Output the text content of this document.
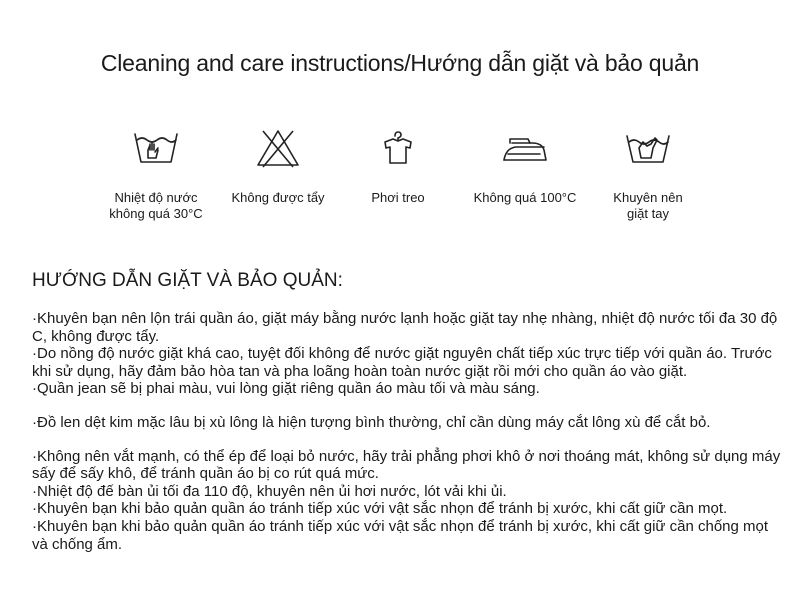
Cleaning and care instructions/Hướng dẫn giặt và bảo quản
Nhiệt độ nước
không quá 30°C
Không được tẩy	Phơi treo	Không quá 100°C	Khuyên nên
giặt tay
HƯỚNG DẪN GIẶT VÀ BẢO QUẢN:

·Khuyên bạn nên lộn trái quần áo, giặt máy bằng nước lạnh hoặc giặt tay nhẹ nhàng, nhiệt độ nước tối đa 30 độ C, không được tẩy.

·Do nồng độ nước giặt khá cao, tuyệt đối không để nước giặt nguyên chất tiếp xúc trực tiếp với quần áo. Trước khi sử dụng, hãy đảm bảo hòa tan và pha loãng hoàn toàn nước giặt rồi mới cho quần áo vào giặt.

·Quần jean sẽ bị phai màu, vui lòng giặt riêng quần áo màu tối và màu sáng.

·Đồ len dệt kim mặc lâu bị xù lông là hiện tượng bình thường, chỉ cần dùng máy cắt lông xù để cắt bỏ.

·Không nên vắt mạnh, có thể ép để loại bỏ nước, hãy trải phẳng phơi khô ở nơi thoáng mát, không sử dụng máy sấy để sấy khô, để tránh quần áo bị co rút quá mức.

·Nhiệt độ đế bàn ủi tối đa 110 độ, khuyên nên ủi hơi nước, lót vải khi ủi.

·Khuyên bạn khi bảo quản quần áo tránh tiếp xúc với vật sắc nhọn để tránh bị xước, khi cất giữ cần mọt.

·Khuyên bạn khi bảo quản quần áo tránh tiếp xúc với vật sắc nhọn để tránh bị xước, khi cất giữ cần chống mọt và chống ẩm.
